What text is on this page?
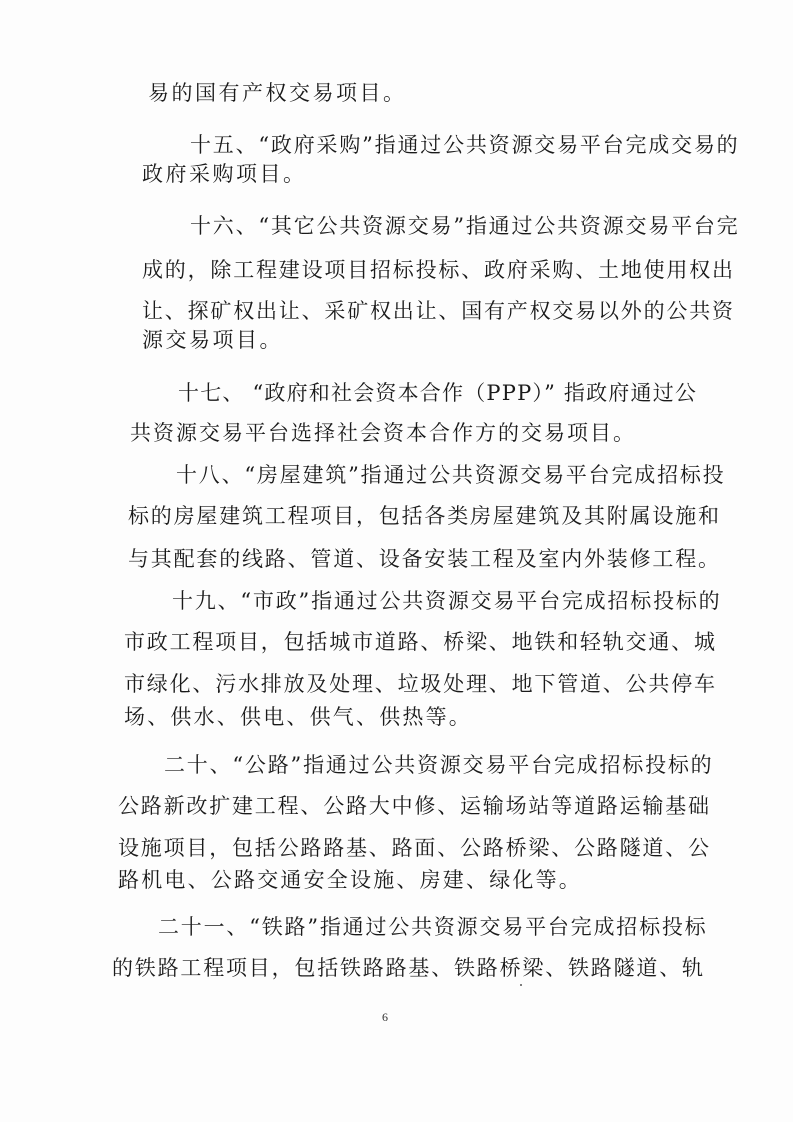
易的国有产权交易项目。
十五、“政府采购”指通过公共资源交易平台完成交易的
政府采购项目。
十六、“其它公共资源交易”指通过公共资源交易平台完
成的，除工程建设项目招标投标、政府采购、土地使用权出
让、探矿权出让、采矿权出让、国有产权交易以外的公共资
源交易项目。
十七、 “政府和社会资本合作（PPP）” 指政府通过公
共资源交易平台选择社会资本合作方的交易项目。
十八、“房屋建筑”指通过公共资源交易平台完成招标投
标的房屋建筑工程项目，包括各类房屋建筑及其附属设施和
与其配套的线路、管道、设备安装工程及室内外装修工程。
十九、“市政”指通过公共资源交易平台完成招标投标的
市政工程项目，包括城市道路、桥梁、地铁和轻轨交通、城
市绿化、污水排放及处理、垃圾处理、地下管道、公共停车
场、供水、供电、供气、供热等。
二十、“公路”指通过公共资源交易平台完成招标投标的
公路新改扩建工程、公路大中修、运输场站等道路运输基础
设施项目，包括公路路基、路面、公路桥梁、公路隧道、公
路机电、公路交通安全设施、房建、绿化等。
二十一、“铁路”指通过公共资源交易平台完成招标投标
的铁路工程项目，包括铁路路基、铁路桥梁、铁路隧道、轨
6
